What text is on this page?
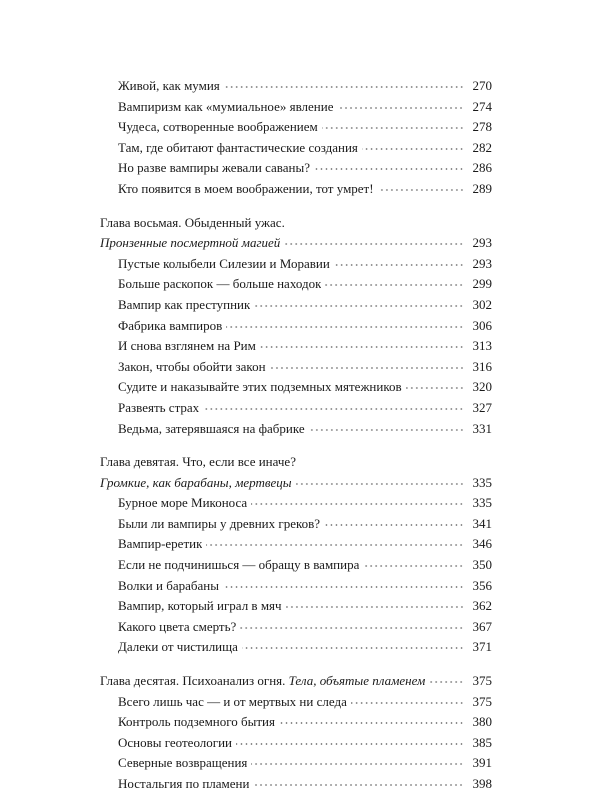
Живой, как мумия	270
Вампиризм как «мумиальное» явление	274
Чудеса, сотворенные воображением	278
Там, где обитают фантастические создания	282
Но разве вампиры жевали саваны?	286
Кто появится в моем воображении, тот умрет!	289
Глава восьмая. Обыденный ужас.
Пронзенные посмертной магией	293
Пустые колыбели Силезии и Моравии	293
Больше раскопок — больше находок	299
Вампир как преступник	302
Фабрика вампиров	306
И снова взглянем на Рим	313
Закон, чтобы обойти закон	316
Судите и наказывайте этих подземных мятежников	320
Развеять страх	327
Ведьма, затерявшаяся на фабрике	331
Глава девятая. Что, если все иначе?
Громкие, как барабаны, мертвецы	335
Бурное море Миконоса	335
Были ли вампиры у древних греков?	341
Вампир-еретик	346
Если не подчинишься — обращу в вампира	350
Волки и барабаны	356
Вампир, который играл в мяч	362
Какого цвета смерть?	367
Далеки от чистилища	371
Глава десятая. Психоанализ огня. Тела, объятые пламенем	375
Всего лишь час — и от мертвых ни следа	375
Контроль подземного бытия	380
Основы геотеологии	385
Северные возвращения	391
Ностальгия по пламени	398
